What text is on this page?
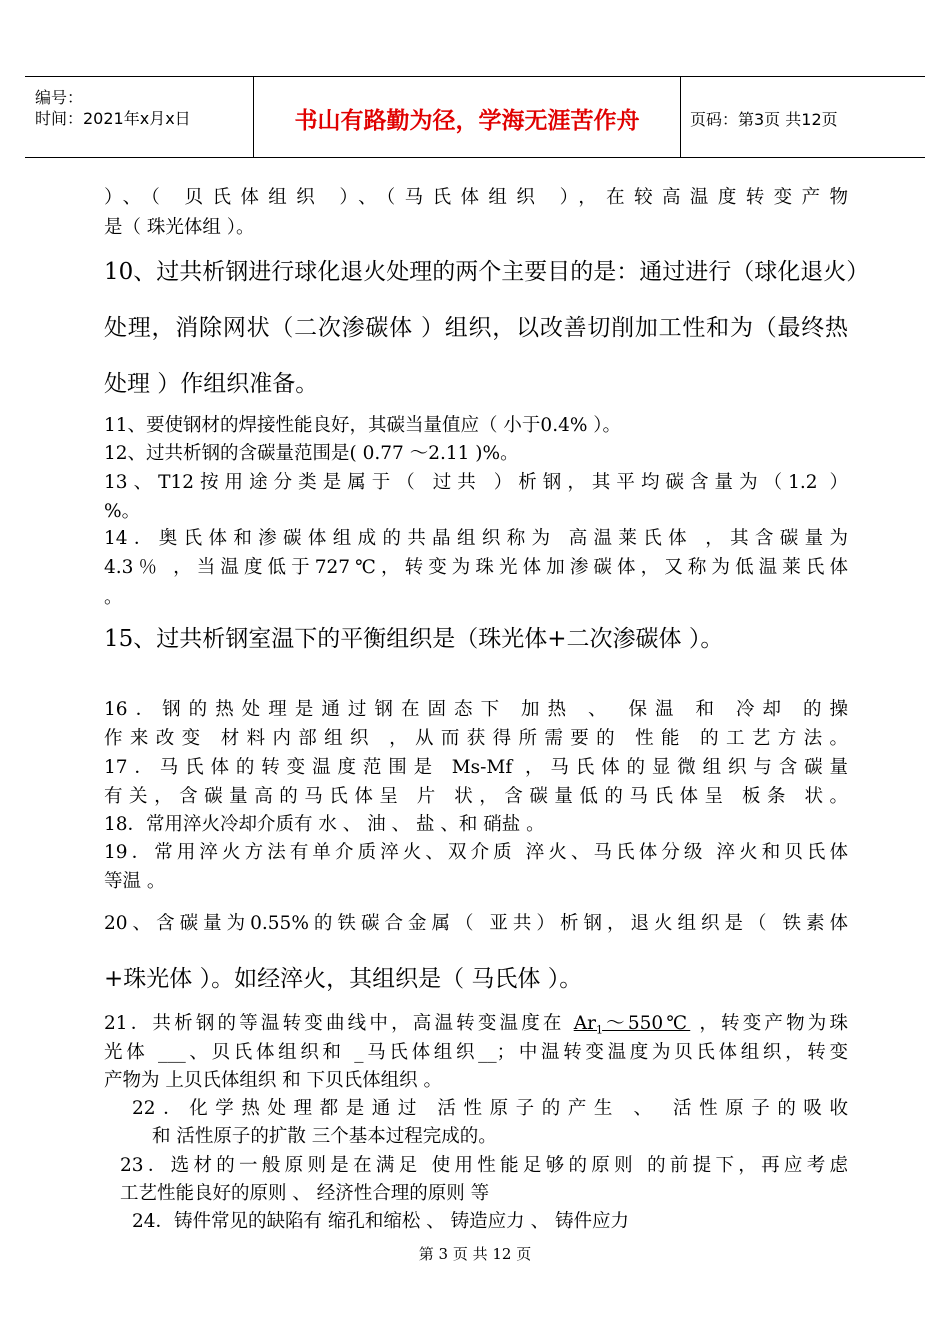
编号：
时间：2021年x月x日	书山有路勤为径，学海无涯苦作舟	页码：第3页 共12页
）、（ 贝氏体组织 ）、（马氏体组织 ），在较高温度转变产物
是（ 珠光体组 ）。
10、过共析钢进行球化退火处理的两个主要目的是：通过进行（球化退火）
处理，消除网状（二次渗碳体 ）组织，以改善切削加工性和为（最终热
处理 ）作组织准备。
11、要使钢材的焊接性能良好，其碳当量值应（ 小于0.4% ）。
12、过共析钢的含碳量范围是( 0.77 ～2.11 )%。
13、T12按用途分类是属于（ 过共 ）析钢，其平均碳含量为（1.2 ）
%。
14．奥氏体和渗碳体组成的共晶组织称为 高温莱氏体 ，其含碳量为
4.3％ ，当温度低于727℃，转变为珠光体加渗碳体，又称为低温莱氏体
。
15、过共析钢室温下的平衡组织是（珠光体+二次渗碳体 ）。
16．钢的热处理是通过钢在固态下 加热 、 保温 和 冷却 的操
作来改变 材料内部组织 ，从而获得所需要的 性能 的工艺方法。
17．马氏体的转变温度范围是 Ms-Mf ，马氏体的显微组织与含碳量
有关，含碳量高的马氏体呈 片 状，含碳量低的马氏体呈 板条 状。
18．常用淬火冷却介质有 水 、 油 、 盐 、和 硝盐 。
19．常用淬火方法有单介质淬火、双介质 淬火、马氏体分级 淬火和贝氏体
等温 。
20、含碳量为0.55%的铁碳合金属（ 亚共）析钢，退火组织是（ 铁素体
+珠光体 ）。如经淬火，其组织是（ 马氏体 ）。
21．共析钢的等温转变曲线中，高温转变温度在 $Ar_1\sim 550℃$ ，转变产物为珠
光体 ___、贝氏体组织和 _马氏体组织__；中温转变温度为贝氏体组织，转变
产物为 上贝氏体组织 和 下贝氏体组织 。
22．化学热处理都是通过 活性原子的产生 、 活性原子的吸收
和 活性原子的扩散 三个基本过程完成的。
23．选材的一般原则是在满足 使用性能足够的原则 的前提下，再应考虑
工艺性能良好的原则 、 经济性合理的原则 等
24．铸件常见的缺陷有 缩孔和缩松 、 铸造应力 、 铸件应力
第 3 页 共 12 页
